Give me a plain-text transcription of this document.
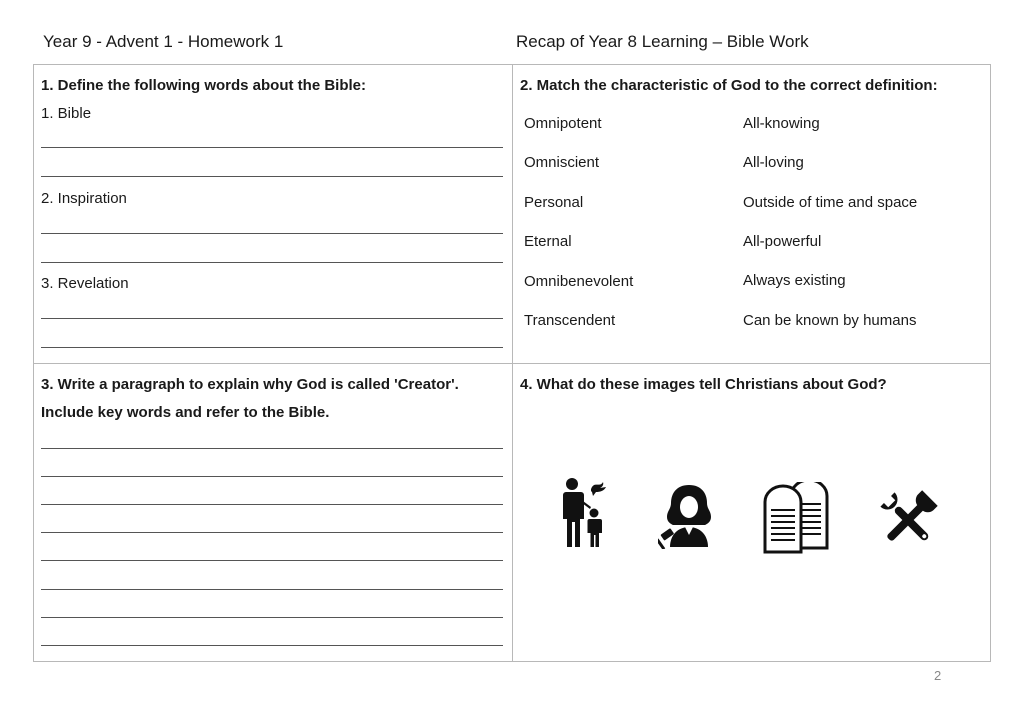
Year 9 - Advent 1 - Homework 1	Recap of Year 8 Learning – Bible Work
1. Define the following words about the Bible:
1. Bible
2. Inspiration
3. Revelation
2. Match the characteristic of God to the correct definition:
Omnipotent
Omniscient
Personal
Eternal
Omnibenevolent
Transcendent
All-knowing
All-loving
Outside of time and space
All-powerful
Always existing
Can be known by humans
3. Write a paragraph to explain why God is called 'Creator'.
Include key words and refer to the Bible.
4. What do these images tell Christians about God?
2
